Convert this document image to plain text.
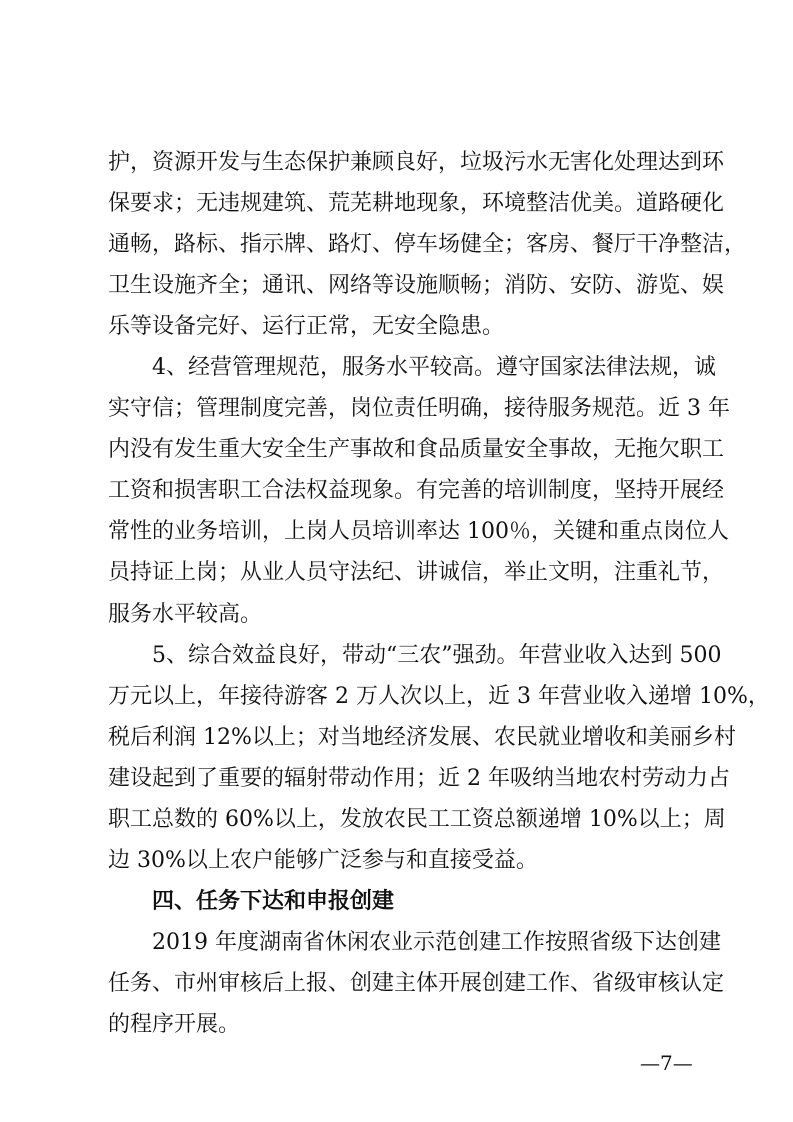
护，资源开发与生态保护兼顾良好，垃圾污水无害化处理达到环
保要求；无违规建筑、荒芜耕地现象，环境整洁优美。道路硬化
通畅，路标、指示牌、路灯、停车场健全；客房、餐厅干净整洁，
卫生设施齐全；通讯、网络等设施顺畅；消防、安防、游览、娱
乐等设备完好、运行正常，无安全隐患。
4、经营管理规范，服务水平较高。遵守国家法律法规，诚
实守信；管理制度完善，岗位责任明确，接待服务规范。近 3 年
内没有发生重大安全生产事故和食品质量安全事故，无拖欠职工
工资和损害职工合法权益现象。有完善的培训制度，坚持开展经
常性的业务培训，上岗人员培训率达 100％，关键和重点岗位人
员持证上岗；从业人员守法纪、讲诚信，举止文明，注重礼节，
服务水平较高。
5、综合效益良好，带动“三农”强劲。年营业收入达到 500
万元以上，年接待游客 2 万人次以上，近 3 年营业收入递增 10%，
税后利润 12%以上；对当地经济发展、农民就业增收和美丽乡村
建设起到了重要的辐射带动作用；近 2 年吸纳当地农村劳动力占
职工总数的 60%以上，发放农民工工资总额递增 10%以上；周
边 30%以上农户能够广泛参与和直接受益。
四、任务下达和申报创建
2019 年度湖南省休闲农业示范创建工作按照省级下达创建
任务、市州审核后上报、创建主体开展创建工作、省级审核认定
的程序开展。
—7—
